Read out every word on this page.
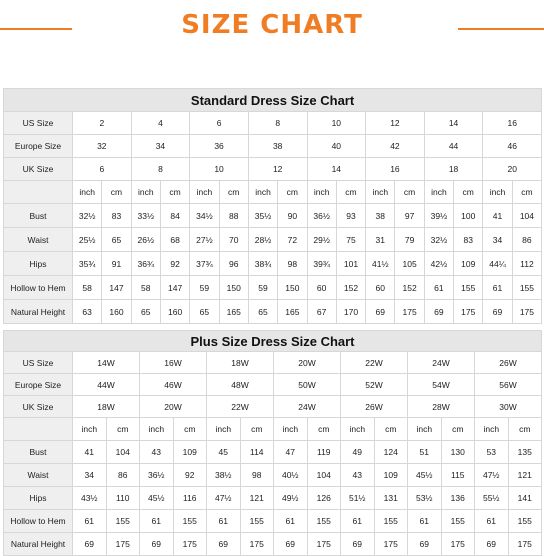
SIZE CHART
Standard Dress Size Chart																
US Size	2		4		6		8		10		12		14		16	
Europe Size	32		34		36		38		40		42		44		46	
UK Size	6		8		10		12		14		16		18		20	
	inch	cm	inch	cm	inch	cm	inch	cm	inch	cm	inch	cm	inch	cm	inch	cm
Bust	32½	83	33½	84	34½	88	35½	90	36½	93	38	97	39½	100	41	104
Waist	25½	65	26½	68	27½	70	28½	72	29½	75	31	79	32½	83	34	86
Hips	35¾	91	36¾	92	37¾	96	38¾	98	39¾	101	41½	105	42½	109	44¼	112
Hollow to Hem	58	147	58	147	59	150	59	150	60	152	60	152	61	155	61	155
Natural Height	63	160	65	160	65	165	65	165	67	170	69	175	69	175	69	175
Plus Size Dress Size Chart														
US Size	14W		16W		18W		20W		22W		24W		26W	
Europe Size	44W		46W		48W		50W		52W		54W		56W	
UK Size	18W		20W		22W		24W		26W		28W		30W	
	inch	cm	inch	cm	inch	cm	inch	cm	inch	cm	inch	cm	inch	cm
Bust	41	104	43	109	45	114	47	119	49	124	51	130	53	135
Waist	34	86	36½	92	38½	98	40½	104	43	109	45½	115	47½	121
Hips	43½	110	45½	116	47½	121	49½	126	51½	131	53½	136	55½	141
Hollow to Hem	61	155	61	155	61	155	61	155	61	155	61	155	61	155
Natural Height	69	175	69	175	69	175	69	175	69	175	69	175	69	175
